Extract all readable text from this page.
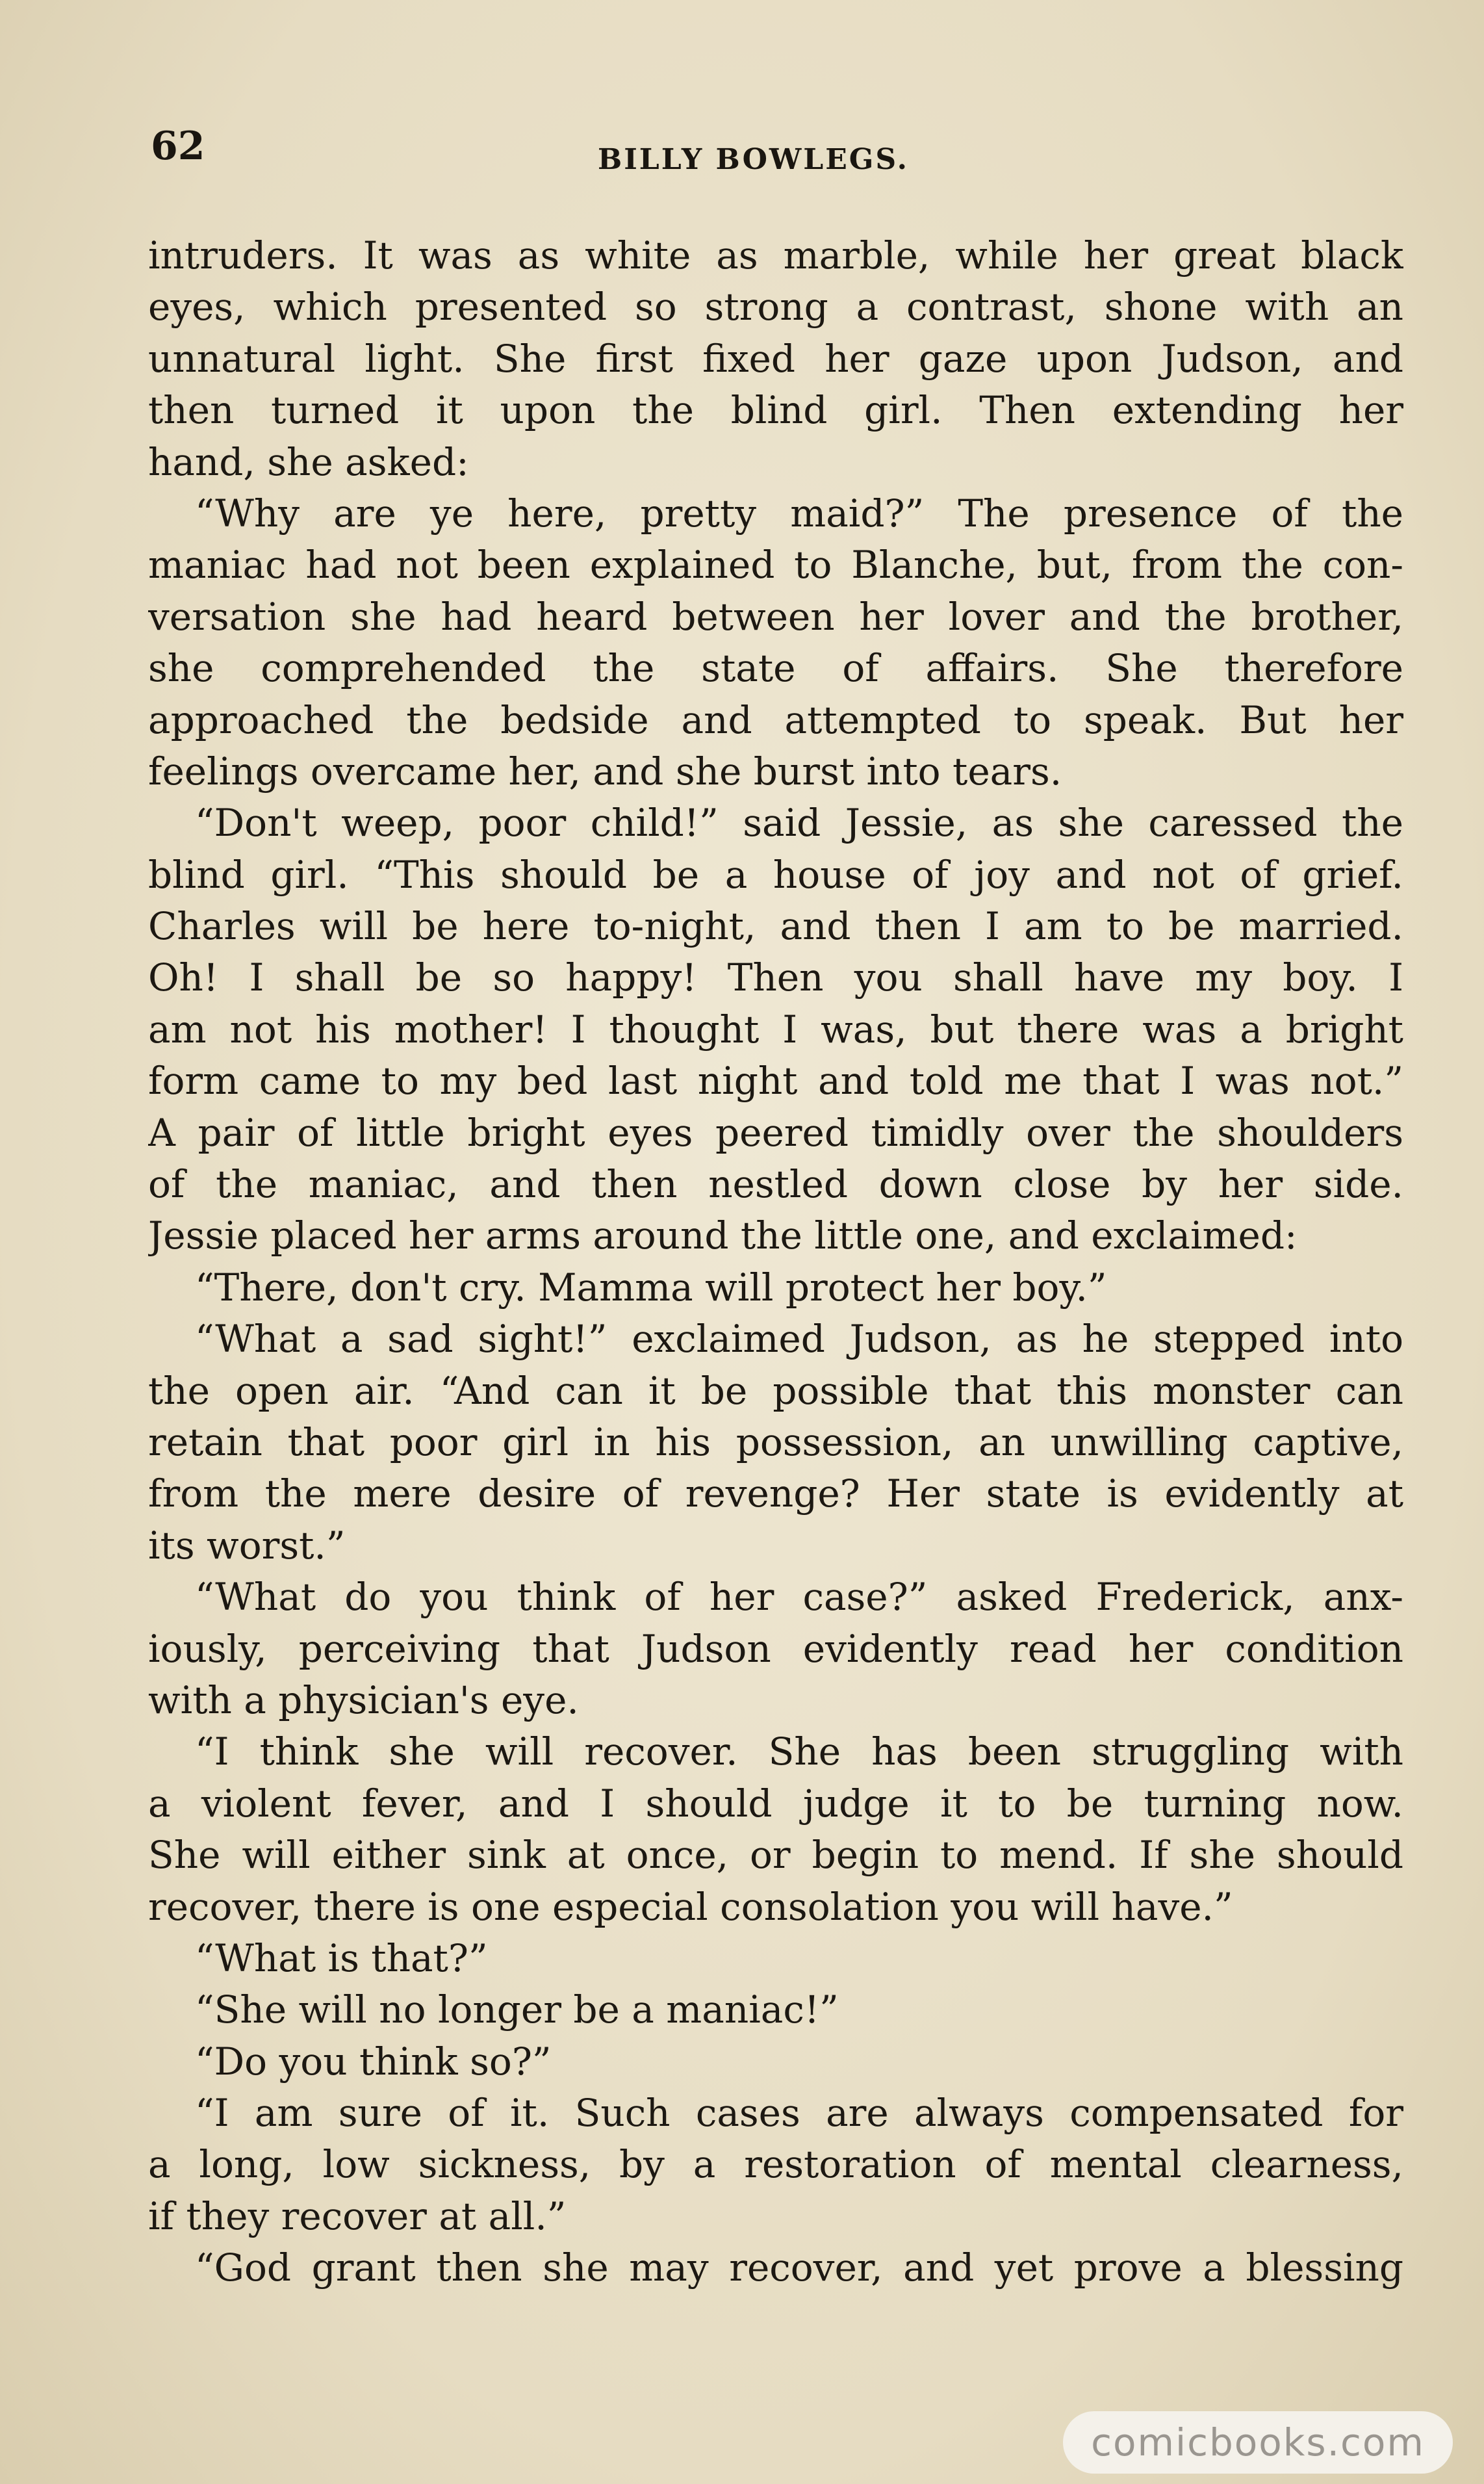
62	BILLY BOWLEGS.
intruders. It was as white as marble, while her great black
eyes, which presented so strong a contrast, shone with an
unnatural light. She first fixed her gaze upon Judson, and
then turned it upon the blind girl. Then extending her
hand, she asked:
“Why are ye here, pretty maid?” The presence of the
maniac had not been explained to Blanche, but, from the con-
versation she had heard between her lover and the brother,
she comprehended the state of affairs. She therefore
approached the bedside and attempted to speak. But her
feelings overcame her, and she burst into tears.
“Don't weep, poor child!” said Jessie, as she caressed the
blind girl. “This should be a house of joy and not of grief.
Charles will be here to-night, and then I am to be married.
Oh! I shall be so happy! Then you shall have my boy. I
am not his mother! I thought I was, but there was a bright
form came to my bed last night and told me that I was not.”
A pair of little bright eyes peered timidly over the shoulders
of the maniac, and then nestled down close by her side.
Jessie placed her arms around the little one, and exclaimed:
“There, don't cry. Mamma will protect her boy.”
“What a sad sight!” exclaimed Judson, as he stepped into
the open air. “And can it be possible that this monster can
retain that poor girl in his possession, an unwilling captive,
from the mere desire of revenge? Her state is evidently at
its worst.”
“What do you think of her case?” asked Frederick, anx-
iously, perceiving that Judson evidently read her condition
with a physician's eye.
“I think she will recover. She has been struggling with
a violent fever, and I should judge it to be turning now.
She will either sink at once, or begin to mend. If she should
recover, there is one especial consolation you will have.”
“What is that?”
“She will no longer be a maniac!”
“Do you think so?”
“I am sure of it. Such cases are always compensated for
a long, low sickness, by a restoration of mental clearness,
if they recover at all.”
“God grant then she may recover, and yet prove a blessing
comicbooks.com
